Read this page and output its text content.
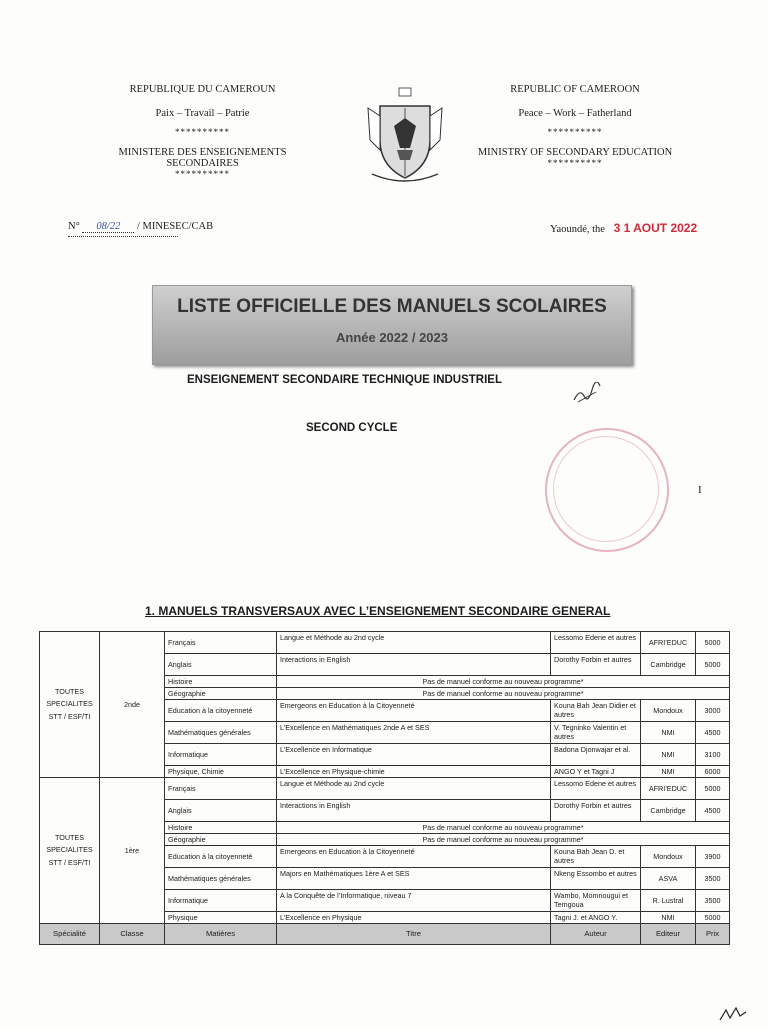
REPUBLIQUE DU CAMEROUN
Paix – Travail – Patrie
**********
MINISTERE DES ENSEIGNEMENTS SECONDAIRES
**********
REPUBLIC OF CAMEROON
Peace – Work – Fatherland
**********
MINISTRY OF SECONDARY EDUCATION
**********
N° 08/22 / MINESEC/CAB	Yaoundé, the 3 1 AOUT 2022
LISTE OFFICIELLE DES MANUELS SCOLAIRES
Année 2022 / 2023
ENSEIGNEMENT SECONDAIRE TECHNIQUE INDUSTRIEL
SECOND CYCLE
I
1. MANUELS TRANSVERSAUX AVEC L’ENSEIGNEMENT SECONDAIRE GENERAL
TOUTES SPECIALITES STT / ESF/TI	2nde	Français	Langue et Méthode au 2nd cycle	Lessomo Edene et autres	AFRI’EDUC	5000
		Anglais	Interactions in English	Dorothy Forbin et autres	Cambridge	5000
		Histoire	Pas de manuel conforme au nouveau programme*			
		Géographie	Pas de manuel conforme au nouveau programme*			
		Education à la citoyenneté	Emergeons en Education à la Citoyenneté	Kouna Bah Jean Didier et autres	Mondoux	3000
		Mathématiques générales	L’Excellence en Mathématiques 2nde A et SES	V. Tegninko Valentin et autres	NMI	4500
		Informatique	L’Excellence en Informatique	Badona Djonwajar et al.	NMI	3100
		Physique, Chimie	L’Excellence en Physique-chimie	ANGO Y et Tagni J	NMI	6000
TOUTES SPECIALITES STT / ESF/TI	1ère	Français	Langue et Méthode au 2nd cycle	Lessomo Edene et autres	AFRI’EDUC	5000
		Anglais	Interactions in English	Dorothy Forbin et autres	Cambridge	4500
		Histoire	Pas de manuel conforme au nouveau programme*			
		Géographie	Pas de manuel conforme au nouveau programme*			
		Education à la citoyenneté	Emergeons en Education à la Citoyenneté	Kouna Bah Jean D. et autres	Mondoux	3900
		Mathématiques générales	Majors en Mathématiques 1ère A et SES	Nkeng Essombo et autres	ASVA	3500
		Informatique	A la Conquête de l’Informatique, niveau 7	Wambo, Momnougui et Temgoua	R. Lustral	3500
		Physique	L’Excellence en Physique	Tagni J. et ANGO Y.	NMI	5000
Spécialité	Classe	Matières	Titre	Auteur	Editeur	Prix
